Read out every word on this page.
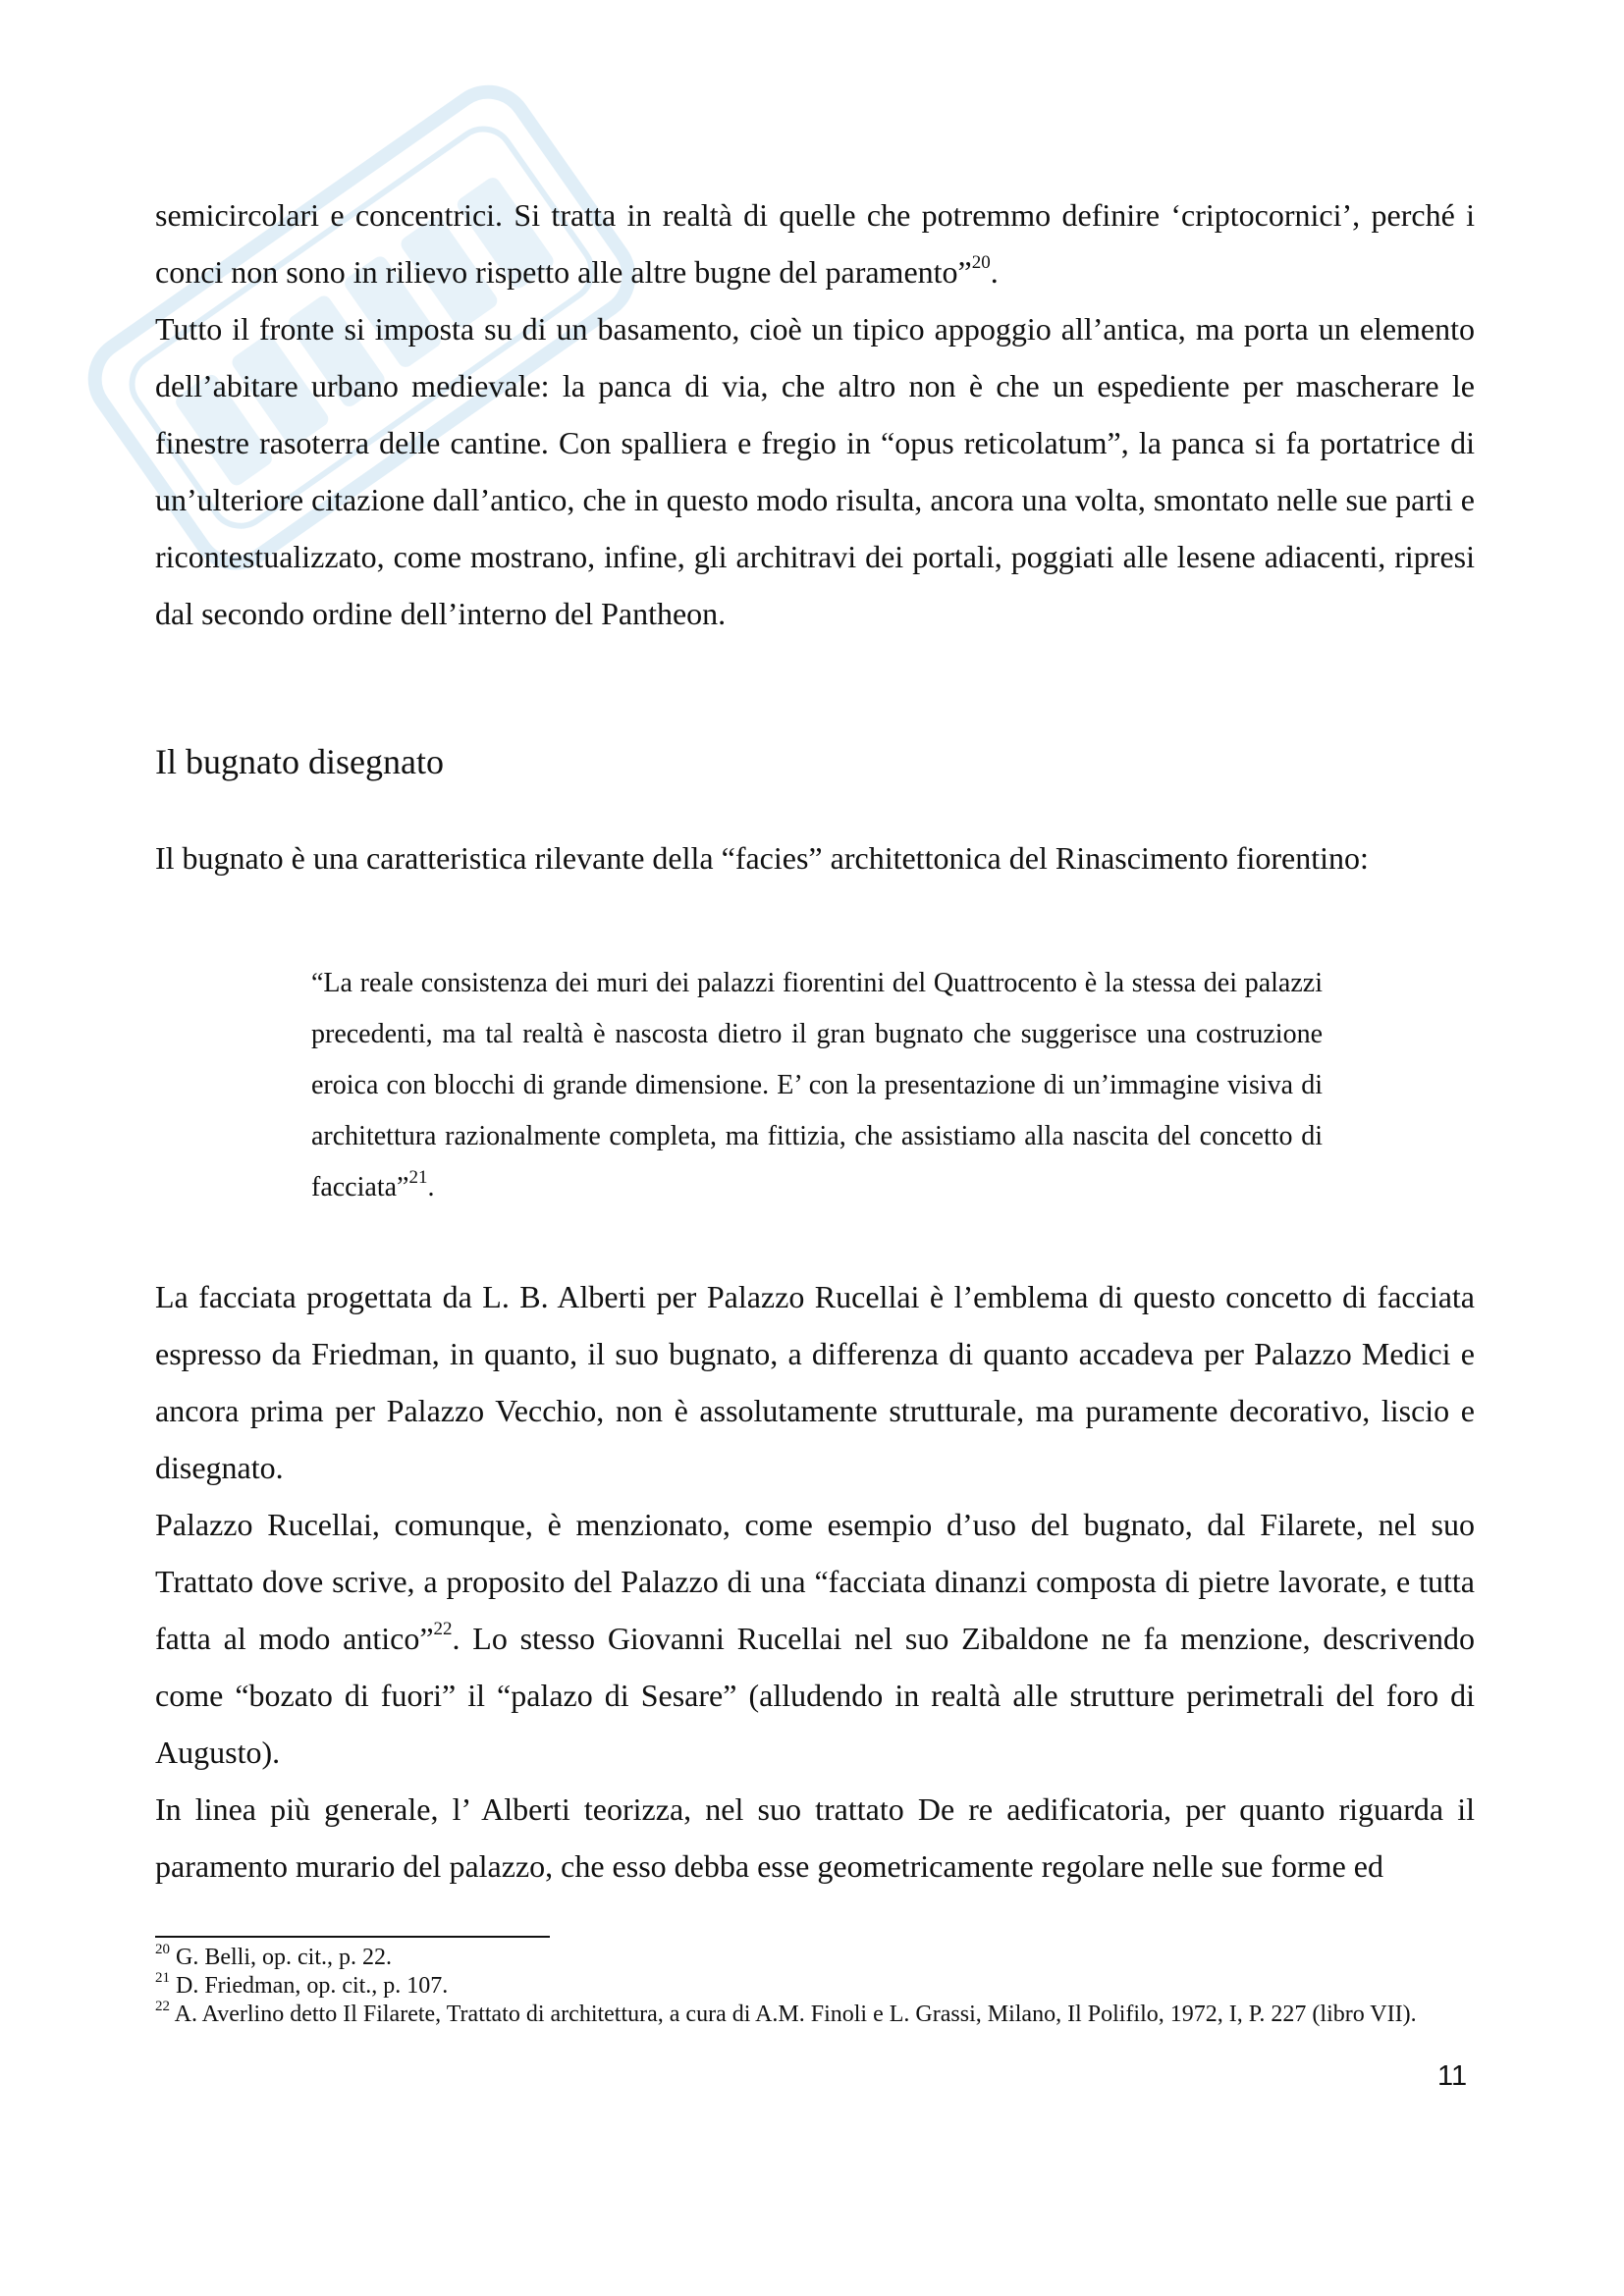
semicircolari e concentrici. Si tratta in realtà di quelle che potremmo definire ‘criptocornici’, perché i conci non sono in rilievo rispetto alle altre bugne del paramento”$^{20}$.

Tutto il fronte si imposta su di un basamento, cioè un tipico appoggio all’antica, ma porta un elemento dell’abitare urbano medievale: la panca di via, che altro non è che un espediente per mascherare le finestre rasoterra delle cantine. Con spalliera e fregio in “opus reticolatum”, la panca si fa portatrice di un’ulteriore citazione dall’antico, che in questo modo risulta, ancora una volta, smontato nelle sue parti e ricontestualizzato, come mostrano, infine, gli architravi dei portali, poggiati alle lesene adiacenti, ripresi dal secondo ordine dell’interno del Pantheon.

Il bugnato disegnato

Il bugnato è una caratteristica rilevante della “facies” architettonica del Rinascimento fiorentino:

“La reale consistenza dei muri dei palazzi fiorentini del Quattrocento è la stessa dei palazzi precedenti, ma tal realtà è nascosta dietro il gran bugnato che suggerisce una costruzione eroica con blocchi di grande dimensione. E’ con la presentazione di un’immagine visiva di architettura razionalmente completa, ma fittizia, che assistiamo alla nascita del concetto di facciata”$^{21}$.

La facciata progettata da L. B. Alberti per Palazzo Rucellai è l’emblema di questo concetto di facciata espresso da Friedman, in quanto, il suo bugnato, a differenza di quanto accadeva per Palazzo Medici e ancora prima per Palazzo Vecchio, non è assolutamente strutturale, ma puramente decorativo, liscio e disegnato.

Palazzo Rucellai, comunque, è menzionato, come esempio d’uso del bugnato, dal Filarete, nel suo Trattato dove scrive, a proposito del Palazzo di una “facciata dinanzi composta di pietre lavorate, e tutta fatta al modo antico”$^{22}$. Lo stesso Giovanni Rucellai nel suo Zibaldone ne fa menzione, descrivendo come “bozato di fuori” il “palazo di Sesare” (alludendo in realtà alle strutture perimetrali del foro di Augusto).

In linea più generale, l’ Alberti teorizza, nel suo trattato De re aedificatoria, per quanto riguarda il paramento murario del palazzo, che esso debba esse geometricamente regolare nelle sue forme ed

$^{20}$ G. Belli, op. cit., p. 22.

$^{21}$ D. Friedman, op. cit., p. 107.

$^{22}$ A. Averlino detto Il Filarete, Trattato di architettura, a cura di A.M. Finoli e L. Grassi, Milano, Il Polifilo, 1972, I, P. 227 (libro VII).

11
